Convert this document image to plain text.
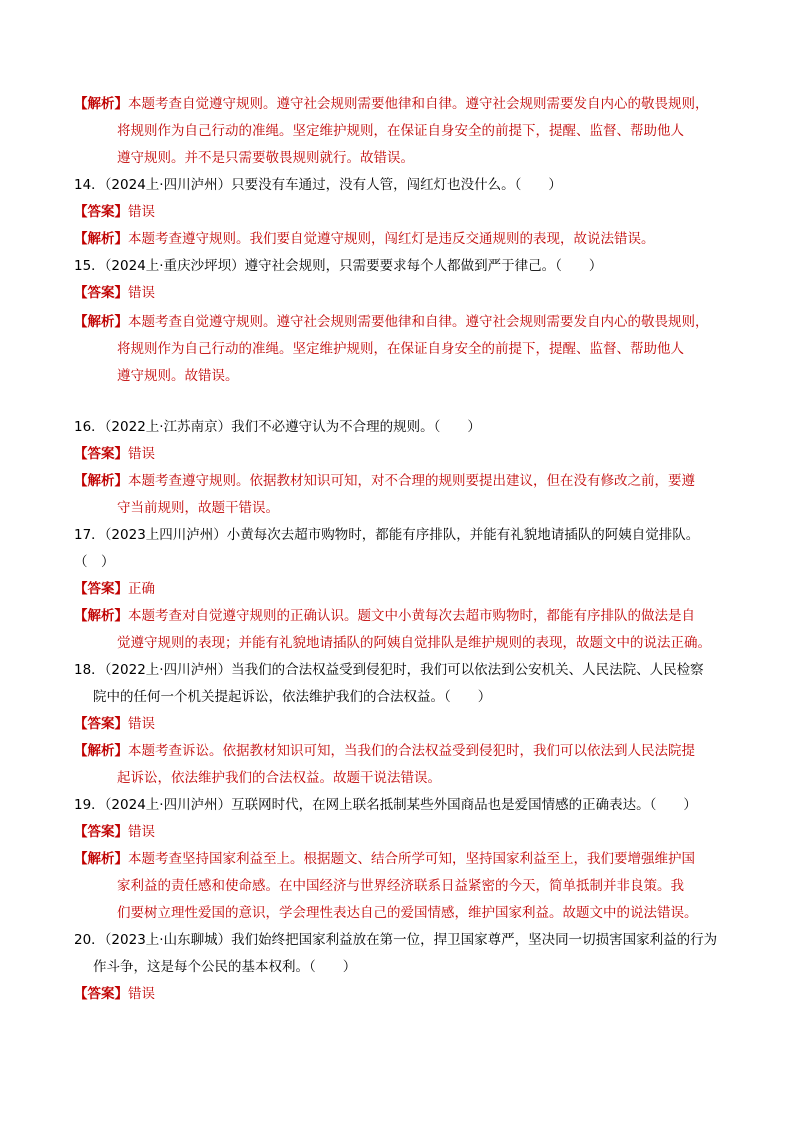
【解析】本题考查自觉遵守规则。遵守社会规则需要他律和自律。遵守社会规则需要发自内心的敬畏规则，
将规则作为自己行动的准绳。坚定维护规则，在保证自身安全的前提下，提醒、监督、帮助他人
遵守规则。并不是只需要敬畏规则就行。故错误。
14．（2024上·四川泸州）只要没有车通过，没有人管，闯红灯也没什么。（　　）
【答案】错误
【解析】本题考查遵守规则。我们要自觉遵守规则，闯红灯是违反交通规则的表现，故说法错误。
15．（2024上·重庆沙坪坝）遵守社会规则，只需要要求每个人都做到严于律己。（　　）
【答案】错误
【解析】本题考查自觉遵守规则。遵守社会规则需要他律和自律。遵守社会规则需要发自内心的敬畏规则，
将规则作为自己行动的准绳。坚定维护规则，在保证自身安全的前提下，提醒、监督、帮助他人
遵守规则。故错误。
16．（2022上·江苏南京）我们不必遵守认为不合理的规则。（　　）
【答案】错误
【解析】本题考查遵守规则。依据教材知识可知，对不合理的规则要提出建议，但在没有修改之前，要遵
守当前规则，故题干错误。
17．（2023上四川泸州）小黄每次去超市购物时，都能有序排队，并能有礼貌地请插队的阿姨自觉排队。
（　）
【答案】正确
【解析】本题考查对自觉遵守规则的正确认识。题文中小黄每次去超市购物时，都能有序排队的做法是自
觉遵守规则的表现；并能有礼貌地请插队的阿姨自觉排队是维护规则的表现，故题文中的说法正确。
18．（2022上·四川泸州）当我们的合法权益受到侵犯时，我们可以依法到公安机关、人民法院、人民检察
院中的任何一个机关提起诉讼，依法维护我们的合法权益。（　　）
【答案】错误
【解析】本题考查诉讼。依据教材知识可知，当我们的合法权益受到侵犯时，我们可以依法到人民法院提
起诉讼，依法维护我们的合法权益。故题干说法错误。
19．（2024上·四川泸州）互联网时代，在网上联名抵制某些外国商品也是爱国情感的正确表达。（　　）
【答案】错误
【解析】本题考查坚持国家利益至上。根据题文、结合所学可知，坚持国家利益至上，我们要增强维护国
家利益的责任感和使命感。在中国经济与世界经济联系日益紧密的今天，简单抵制并非良策。我
们要树立理性爱国的意识，学会理性表达自己的爱国情感，维护国家利益。故题文中的说法错误。
20．（2023上·山东聊城）我们始终把国家利益放在第一位，捍卫国家尊严，坚决同一切损害国家利益的行为
作斗争，这是每个公民的基本权利。（　　）
【答案】错误
